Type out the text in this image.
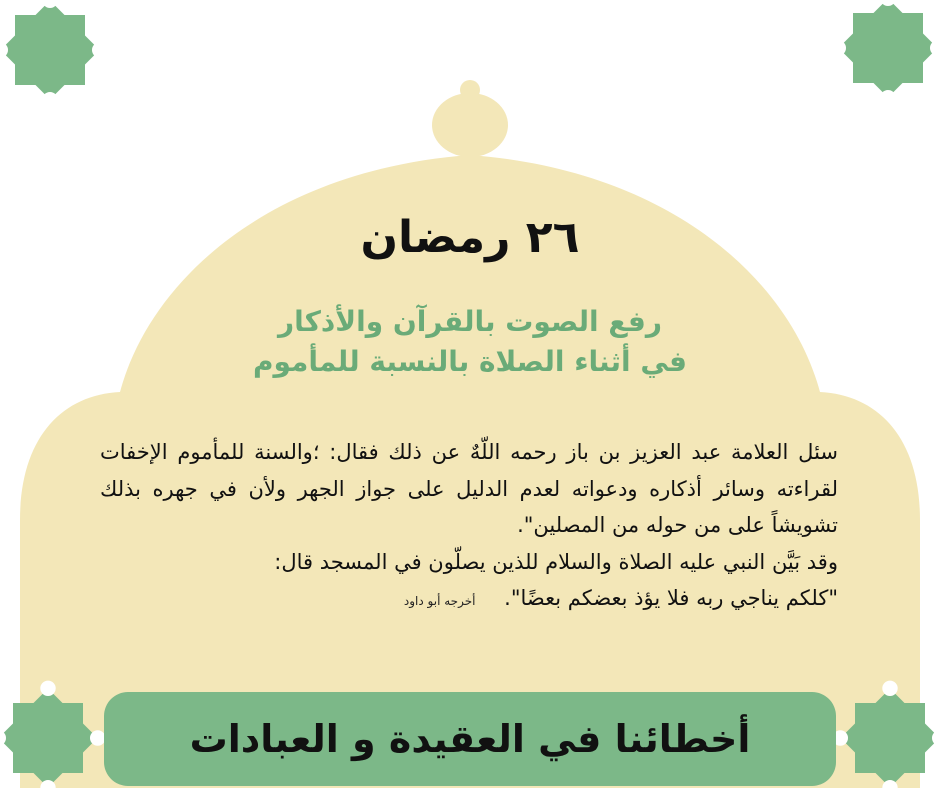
أخطائنا في العقيدة و العبادات
٢٦ رمضان
رفع الصوت بالقرآن والأذكار
في أثناء الصلاة بالنسبة للمأموم

سئل العلامة عبد العزيز بن باز رحمه اللّهٌ عن ذلك فقال: ؛والسنة للمأموم الإخفات لقراءته وسائر أذكاره ودعواته لعدم الدليل على جواز الجهر ولأن في جهره بذلك تشويشاً على من حوله من المصلين".

وقد بَيَّن النبي عليه الصلاة والسلام للذين يصلّون في المسجد قال:

"كلكم يناجي ربه فلا يؤذ بعضكم بعضًا". أخرجه أبو داود
